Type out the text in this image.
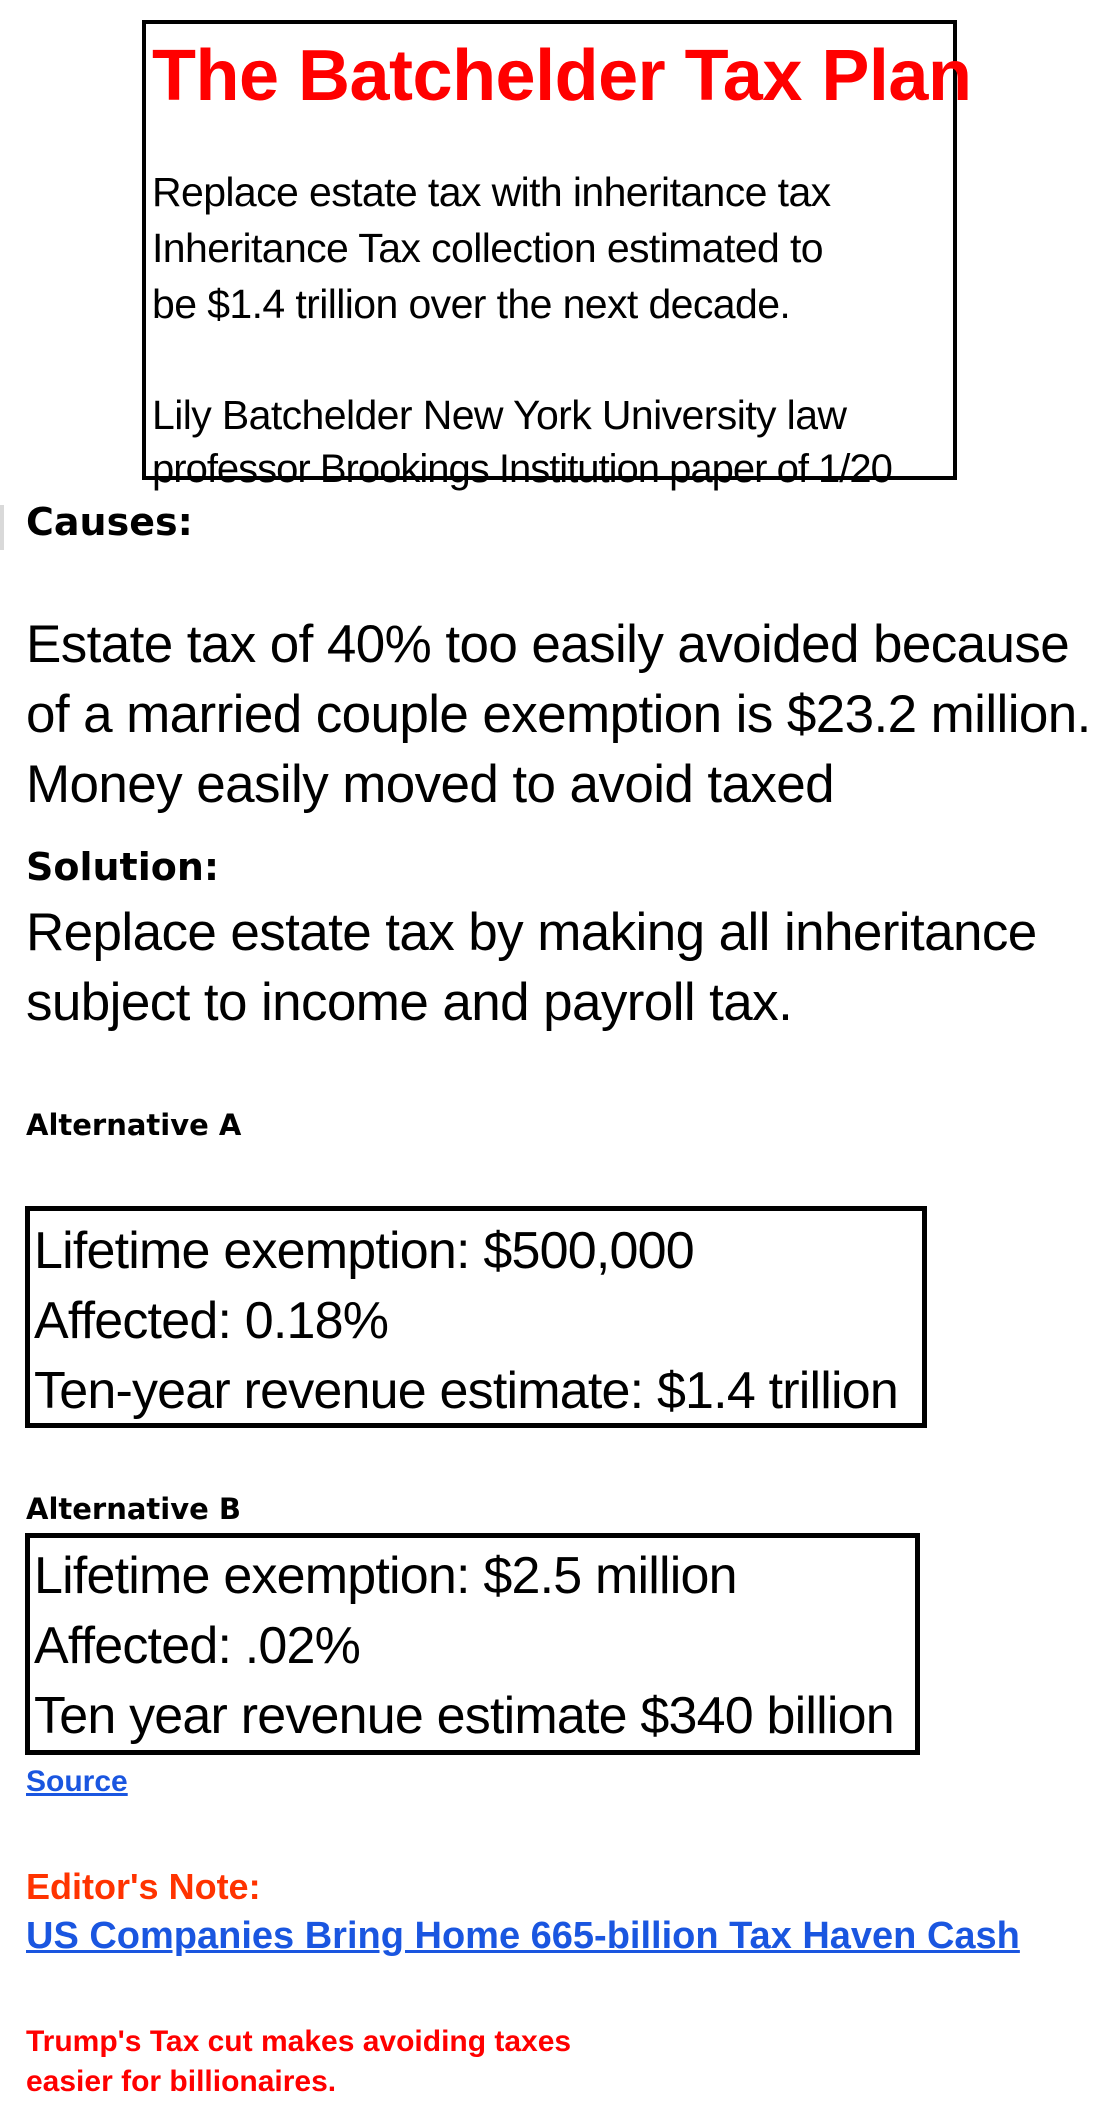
The Batchelder Tax Plan
Replace estate tax with inheritance tax
Inheritance Tax collection estimated to
be $1.4 trillion over the next decade.
Lily Batchelder New York University law
professor Brookings Institution paper of 1/20
Causes:
Estate tax of 40% too easily avoided because
of a married couple exemption is $23.2 million.
Money easily moved to avoid taxed
Solution:
Replace estate tax by making all inheritance
subject to income and payroll tax.
Alternative A
Lifetime exemption: $500,000
Affected: 0.18%
Ten-year revenue estimate: $1.4 trillion
Alternative B
Lifetime exemption: $2.5 million
Affected: .02%
Ten year revenue estimate $340 billion
Source
Editor's Note:
US Companies Bring Home 665-billion Tax Haven Cash
Trump's Tax cut makes avoiding taxes
easier for billionaires.
